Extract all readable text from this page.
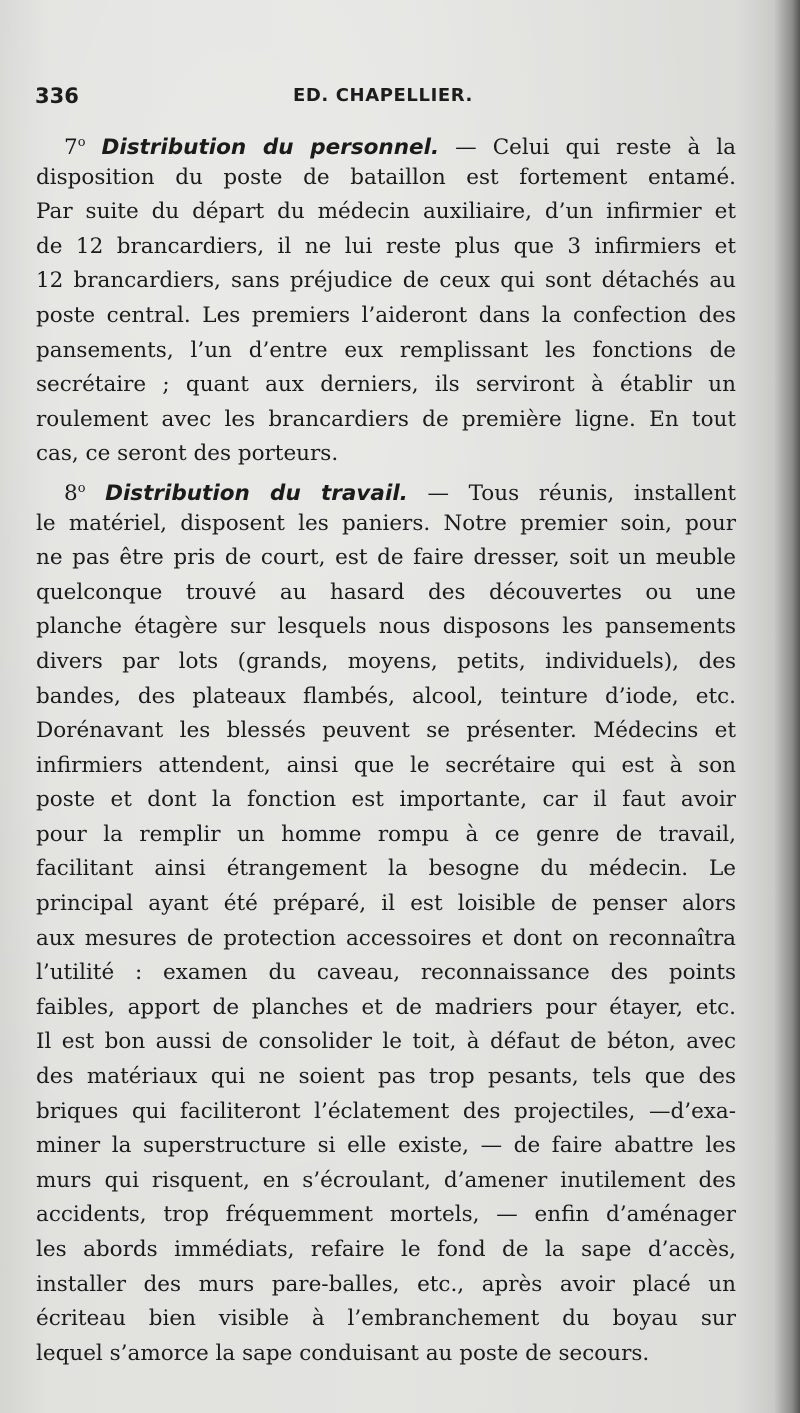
336	ED. CHAPELLIER.
7$^o$ Distribution du personnel. — Celui qui reste à la
disposition du poste de bataillon est fortement entamé.
Par suite du départ du médecin auxiliaire, d’un infirmier et
de 12 brancardiers, il ne lui reste plus que 3 infirmiers et
12 brancardiers, sans préjudice de ceux qui sont détachés au
poste central. Les premiers l’aideront dans la confection des
pansements, l’un d’entre eux remplissant les fonctions de
secrétaire ; quant aux derniers, ils serviront à établir un
roulement avec les brancardiers de première ligne. En tout
cas, ce seront des porteurs.
8$^o$ Distribution du travail. — Tous réunis, installent
le matériel, disposent les paniers. Notre premier soin, pour
ne pas être pris de court, est de faire dresser, soit un meuble
quelconque trouvé au hasard des découvertes ou une
planche étagère sur lesquels nous disposons les pansements
divers par lots (grands, moyens, petits, individuels), des
bandes, des plateaux flambés, alcool, teinture d’iode, etc.
Dorénavant les blessés peuvent se présenter. Médecins et
infirmiers attendent, ainsi que le secrétaire qui est à son
poste et dont la fonction est importante, car il faut avoir
pour la remplir un homme rompu à ce genre de travail,
facilitant ainsi étrangement la besogne du médecin. Le
principal ayant été préparé, il est loisible de penser alors
aux mesures de protection accessoires et dont on reconnaîtra
l’utilité : examen du caveau, reconnaissance des points
faibles, apport de planches et de madriers pour étayer, etc.
Il est bon aussi de consolider le toit, à défaut de béton, avec
des matériaux qui ne soient pas trop pesants, tels que des
briques qui faciliteront l’éclatement des projectiles, —d’exa-
miner la superstructure si elle existe, — de faire abattre les
murs qui risquent, en s’écroulant, d’amener inutilement des
accidents, trop fréquemment mortels, — enfin d’aménager
les abords immédiats, refaire le fond de la sape d’accès,
installer des murs pare-balles, etc., après avoir placé un
écriteau bien visible à l’embranchement du boyau sur
lequel s’amorce la sape conduisant au poste de secours.
